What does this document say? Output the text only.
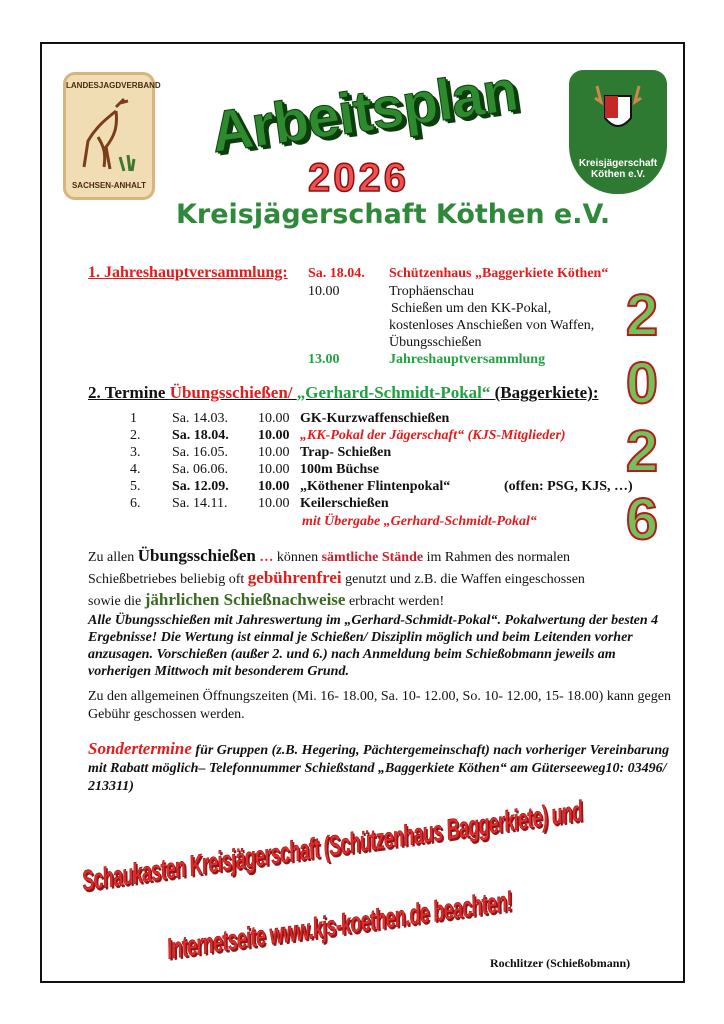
LANDESJAGDVERBAND
SACHSEN-ANHALT
Kreisjägerschaft Köthen e.V.
Arbeitsplan
2026
Kreisjägerschaft Köthen e.V.
2
0
2
6
1. Jahreshauptversammlung: Sa. 18.04. Schützenhaus „Baggerkiete Köthen“
10.00	Trophäenschau
Schießen um den KK-Pokal,
kostenloses Anschießen von Waffen,
Übungsschießen
13.00	Jahreshauptversammlung
2. Termine Übungsschießen/ „Gerhard-Schmidt-Pokal“ (Baggerkiete):
1	Sa. 14.03. 10.00 GK-Kurzwaffenschießen
2. Sa. 18.04. 10.00 „KK-Pokal der Jägerschaft“ (KJS-Mitglieder)
3. Sa. 16.05. 10.00 Trap- Schießen
4. Sa. 06.06. 10.00 100m Büchse
5. Sa. 12.09. 10.00 „Köthener Flintenpokal“	(offen: PSG, KJS, …)
6. Sa. 14.11. 10.00 Keilerschießen
mit Übergabe „Gerhard-Schmidt-Pokal“
Zu allen Übungsschießen … können sämtliche Stände im Rahmen des normalen
Schießbetriebes beliebig oft gebührenfrei genutzt und z.B. die Waffen eingeschossen
sowie die jährlichen Schießnachweise erbracht werden!
Alle Übungsschießen mit Jahreswertung im „Gerhard-Schmidt-Pokal“. Pokalwertung der besten 4 Ergebnisse! Die Wertung ist einmal je Schießen/ Disziplin möglich und beim Leitenden vorher anzusagen. Vorschießen (außer 2. und 6.) nach Anmeldung beim Schießobmann jeweils am vorherigen Mittwoch mit besonderem Grund.
Zu den allgemeinen Öffnungszeiten (Mi. 16- 18.00, Sa. 10- 12.00, So. 10- 12.00, 15- 18.00) kann gegen Gebühr geschossen werden.
Sondertermine für Gruppen (z.B. Hegering, Pächtergemeinschaft) nach vorheriger Vereinbarung mit Rabatt möglich– Telefonnummer Schießstand „Baggerkiete Köthen“ am Güterseeweg10: 03496/ 213311)
Schaukasten Kreisjägerschaft (Schützenhaus Baggerkiete) und
Internetseite www.kjs-koethen.de beachten!
Rochlitzer (Schießobmann)
